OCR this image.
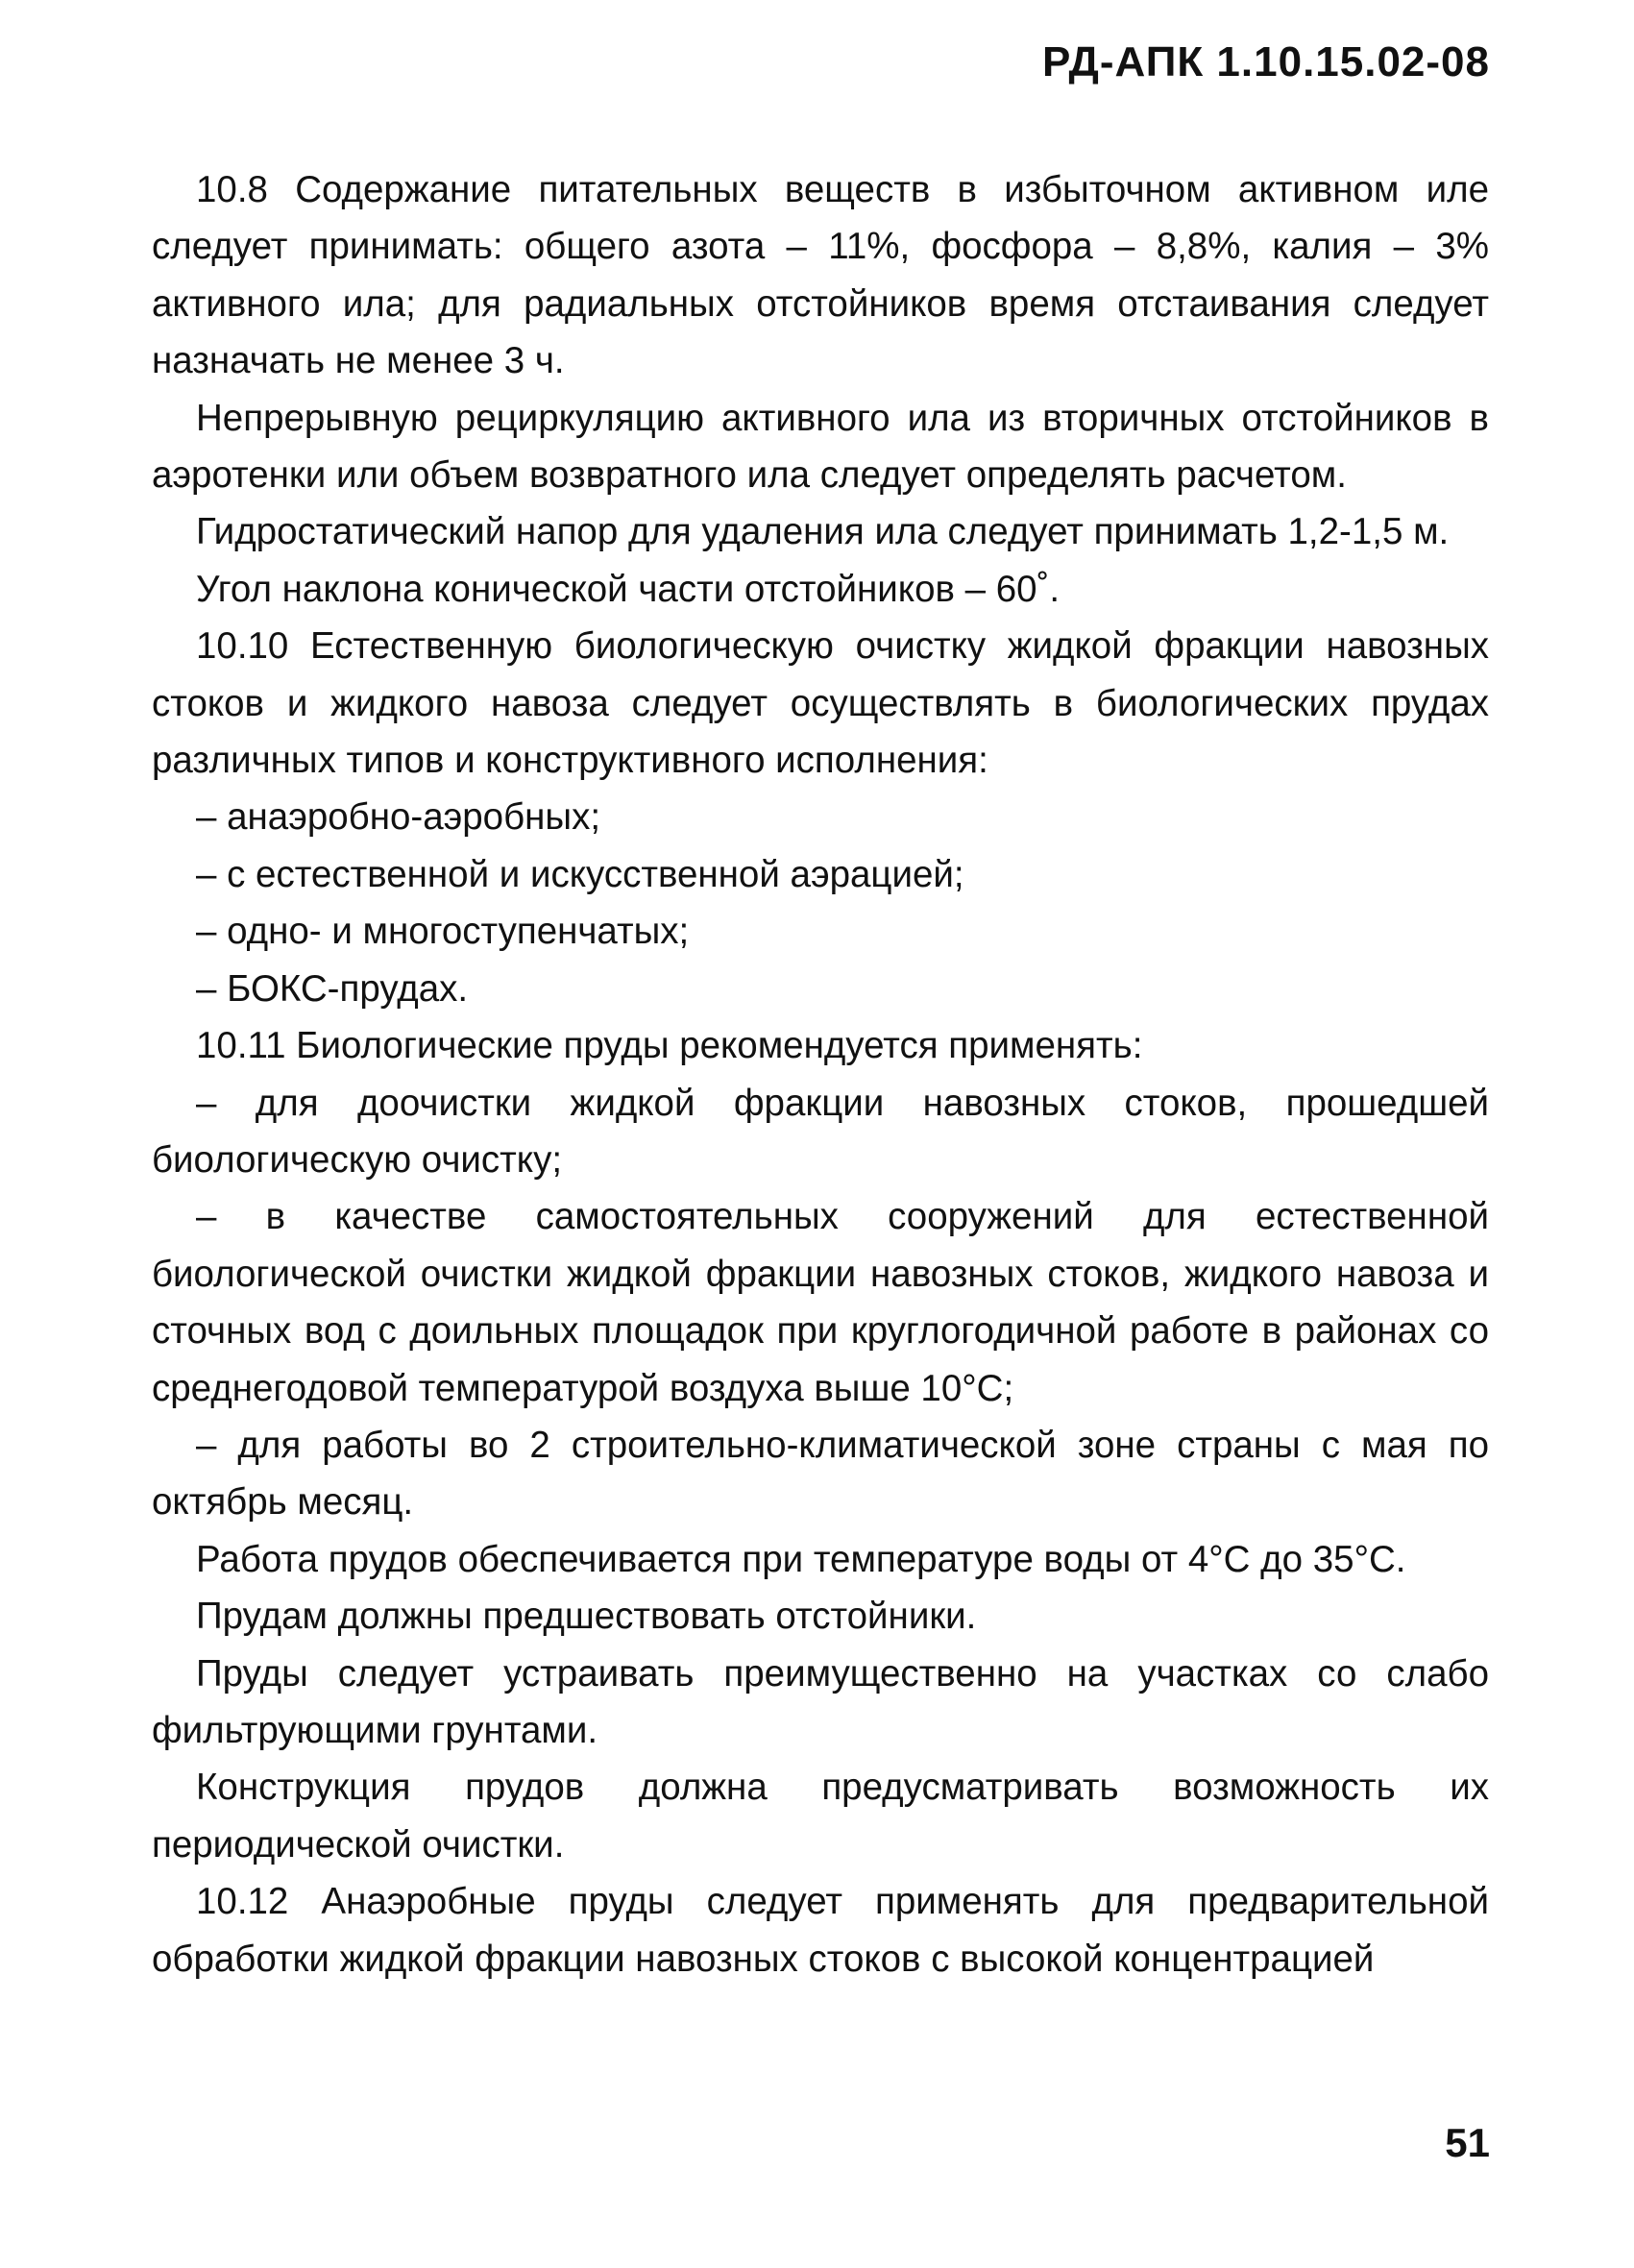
РД-АПК 1.10.15.02-08

10.8 Содержание питательных веществ в избыточном активном иле следует принимать: общего азота – 11%, фосфора – 8,8%, калия – 3% активного ила; для радиальных отстойников время отстаивания следует назначать не менее 3 ч.

Непрерывную рециркуляцию активного ила из вторичных отстойников в аэротенки или объем возвратного ила следует определять расчетом.

Гидростатический напор для удаления ила следует принимать 1,2-1,5 м.

Угол наклона конической части отстойников – 60˚.

10.10 Естественную биологическую очистку жидкой фракции навозных стоков и жидкого навоза следует осуществлять в биологических прудах различных типов и конструктивного исполнения:

– анаэробно-аэробных;

– с естественной и искусственной аэрацией;

– одно- и многоступенчатых;

– БОКС-прудах.

10.11 Биологические пруды рекомендуется применять:

– для доочистки жидкой фракции навозных стоков, прошедшей биологическую очистку;

– в качестве самостоятельных сооружений для естественной биологической очистки жидкой фракции навозных стоков, жидкого навоза и сточных вод с доильных площадок при круглогодичной работе в районах со среднегодовой температурой воздуха выше 10°С;

– для работы во 2 строительно-климатической зоне страны с мая по октябрь месяц.

Работа прудов обеспечивается при температуре воды от 4°С до 35°С.

Прудам должны предшествовать отстойники.

Пруды следует устраивать преимущественно на участках со слабо фильтрующими грунтами.

Конструкция прудов должна предусматривать возможность их периодической очистки.

10.12 Анаэробные пруды следует применять для предварительной обработки жидкой фракции навозных стоков с высокой концентрацией

51
